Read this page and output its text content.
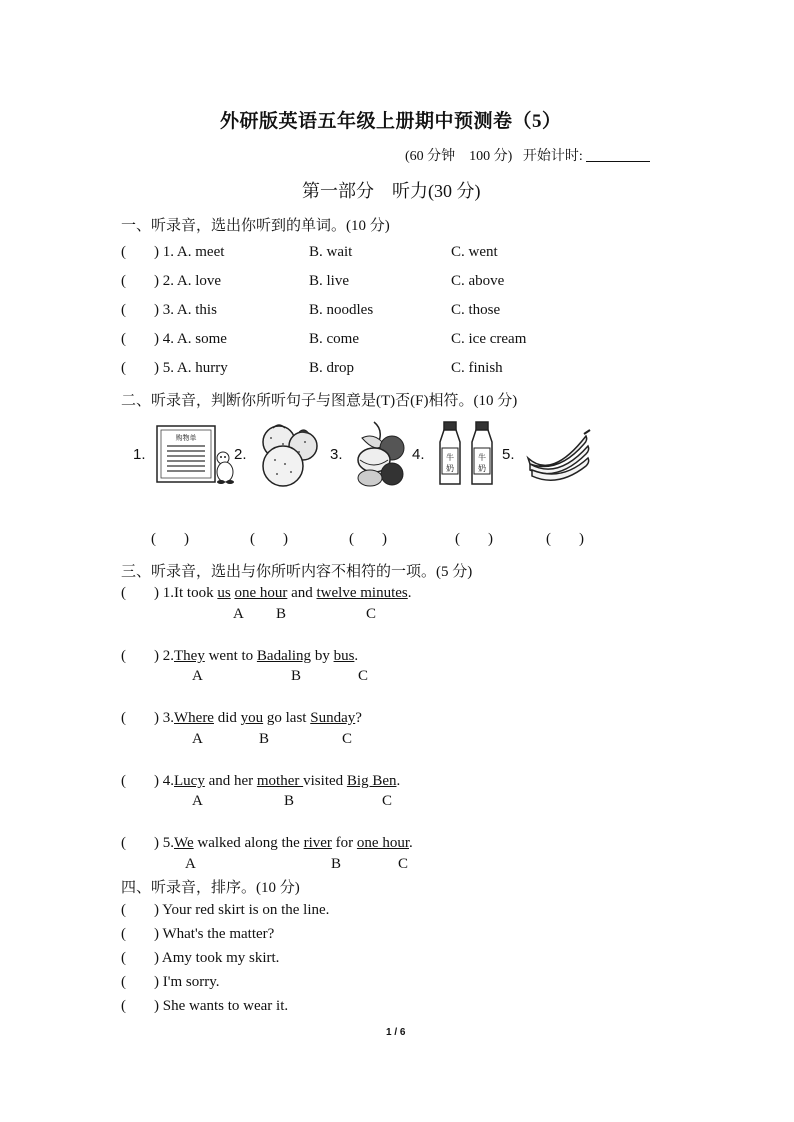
外研版英语五年级上册期中预测卷（5）
(60 分钟 100 分) 开始计时:
第一部分　听力(30 分)
一、听录音，选出你听到的单词。(10 分)
( ) 1. A. meet	B. wait	C. went
( ) 2. A. love	B. live	C. above
( ) 3. A. this	B. noodles	C. those
( ) 4. A. some	B. come	C. ice cream
( ) 5. A. hurry	B. drop	C. finish
二、听录音，判断你所听句子与图意是(T)否(F)相符。(10 分)
1.	2.	3.	4.	5.
购物单
牛
奶
牛
奶
( )	( )	( )	( )	( )
三、听录音，选出与你所听内容不相符的一项。(5 分)
( ) 1.It took us one hour and twelve minutes.
A B	C
( ) 2.They went to Badaling by bus.
A	B	C
( ) 3.Where did you go last Sunday?
A	B	C
( ) 4.Lucy and her mother visited Big Ben.
A	B	C
( ) 5.We walked along the river for one hour.
A	B	C
四、听录音，排序。(10 分)
( ) Your red skirt is on the line.
( ) What's the matter?
( ) Amy took my skirt.
( ) I'm sorry.
( ) She wants to wear it.
1 / 6
